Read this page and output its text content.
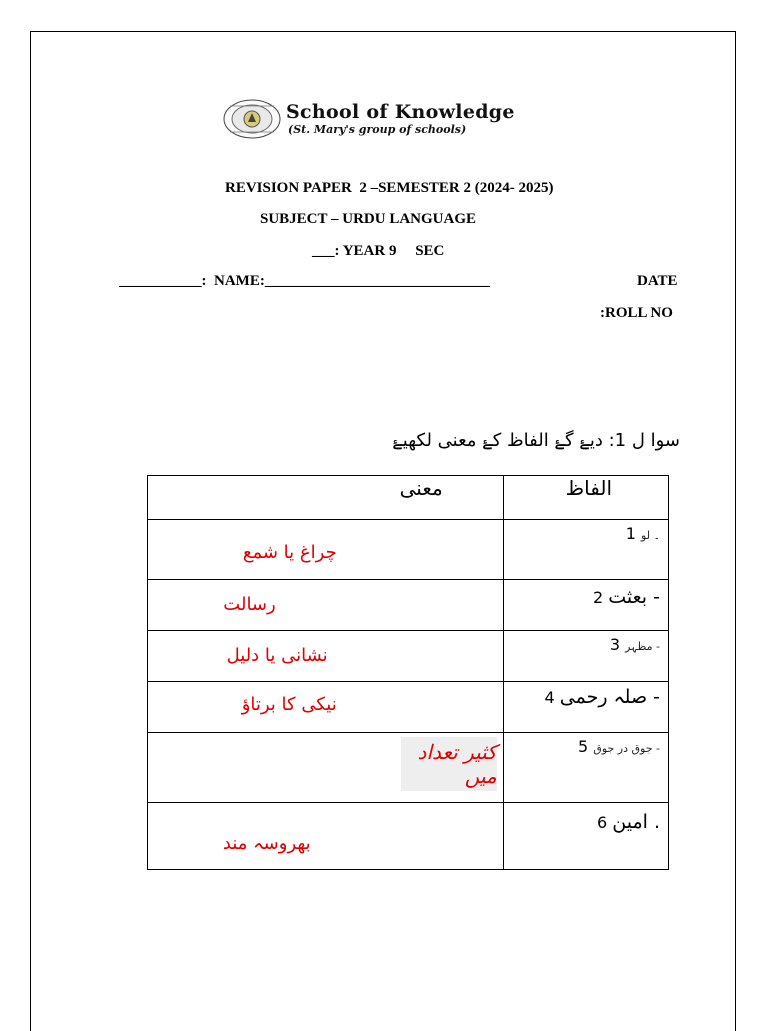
School of Knowledge
(St. Mary's group of schools)
REVISION PAPER  2 –SEMESTER 2 (2024- 2025)
SUBJECT – URDU LANGUAGE
___: YEAR 9     SEC
___________:  NAME:______________________________	DATE
:ROLL NO
سوا ل 1: دیۓ گۓ الفاظ کۓ معنی لکھیۓ
معنی	الفاظ

چراغ یا شمع	۔ لو 1

رسالت	- بعثت 2

نشانی یا دلیل	- مظہر 3

نیکی کا برتاؤ	- صلہ رحمی 4

کثیر تعداد میں	- جوق در جوق 5

بھروسہ مند	. امین 6
